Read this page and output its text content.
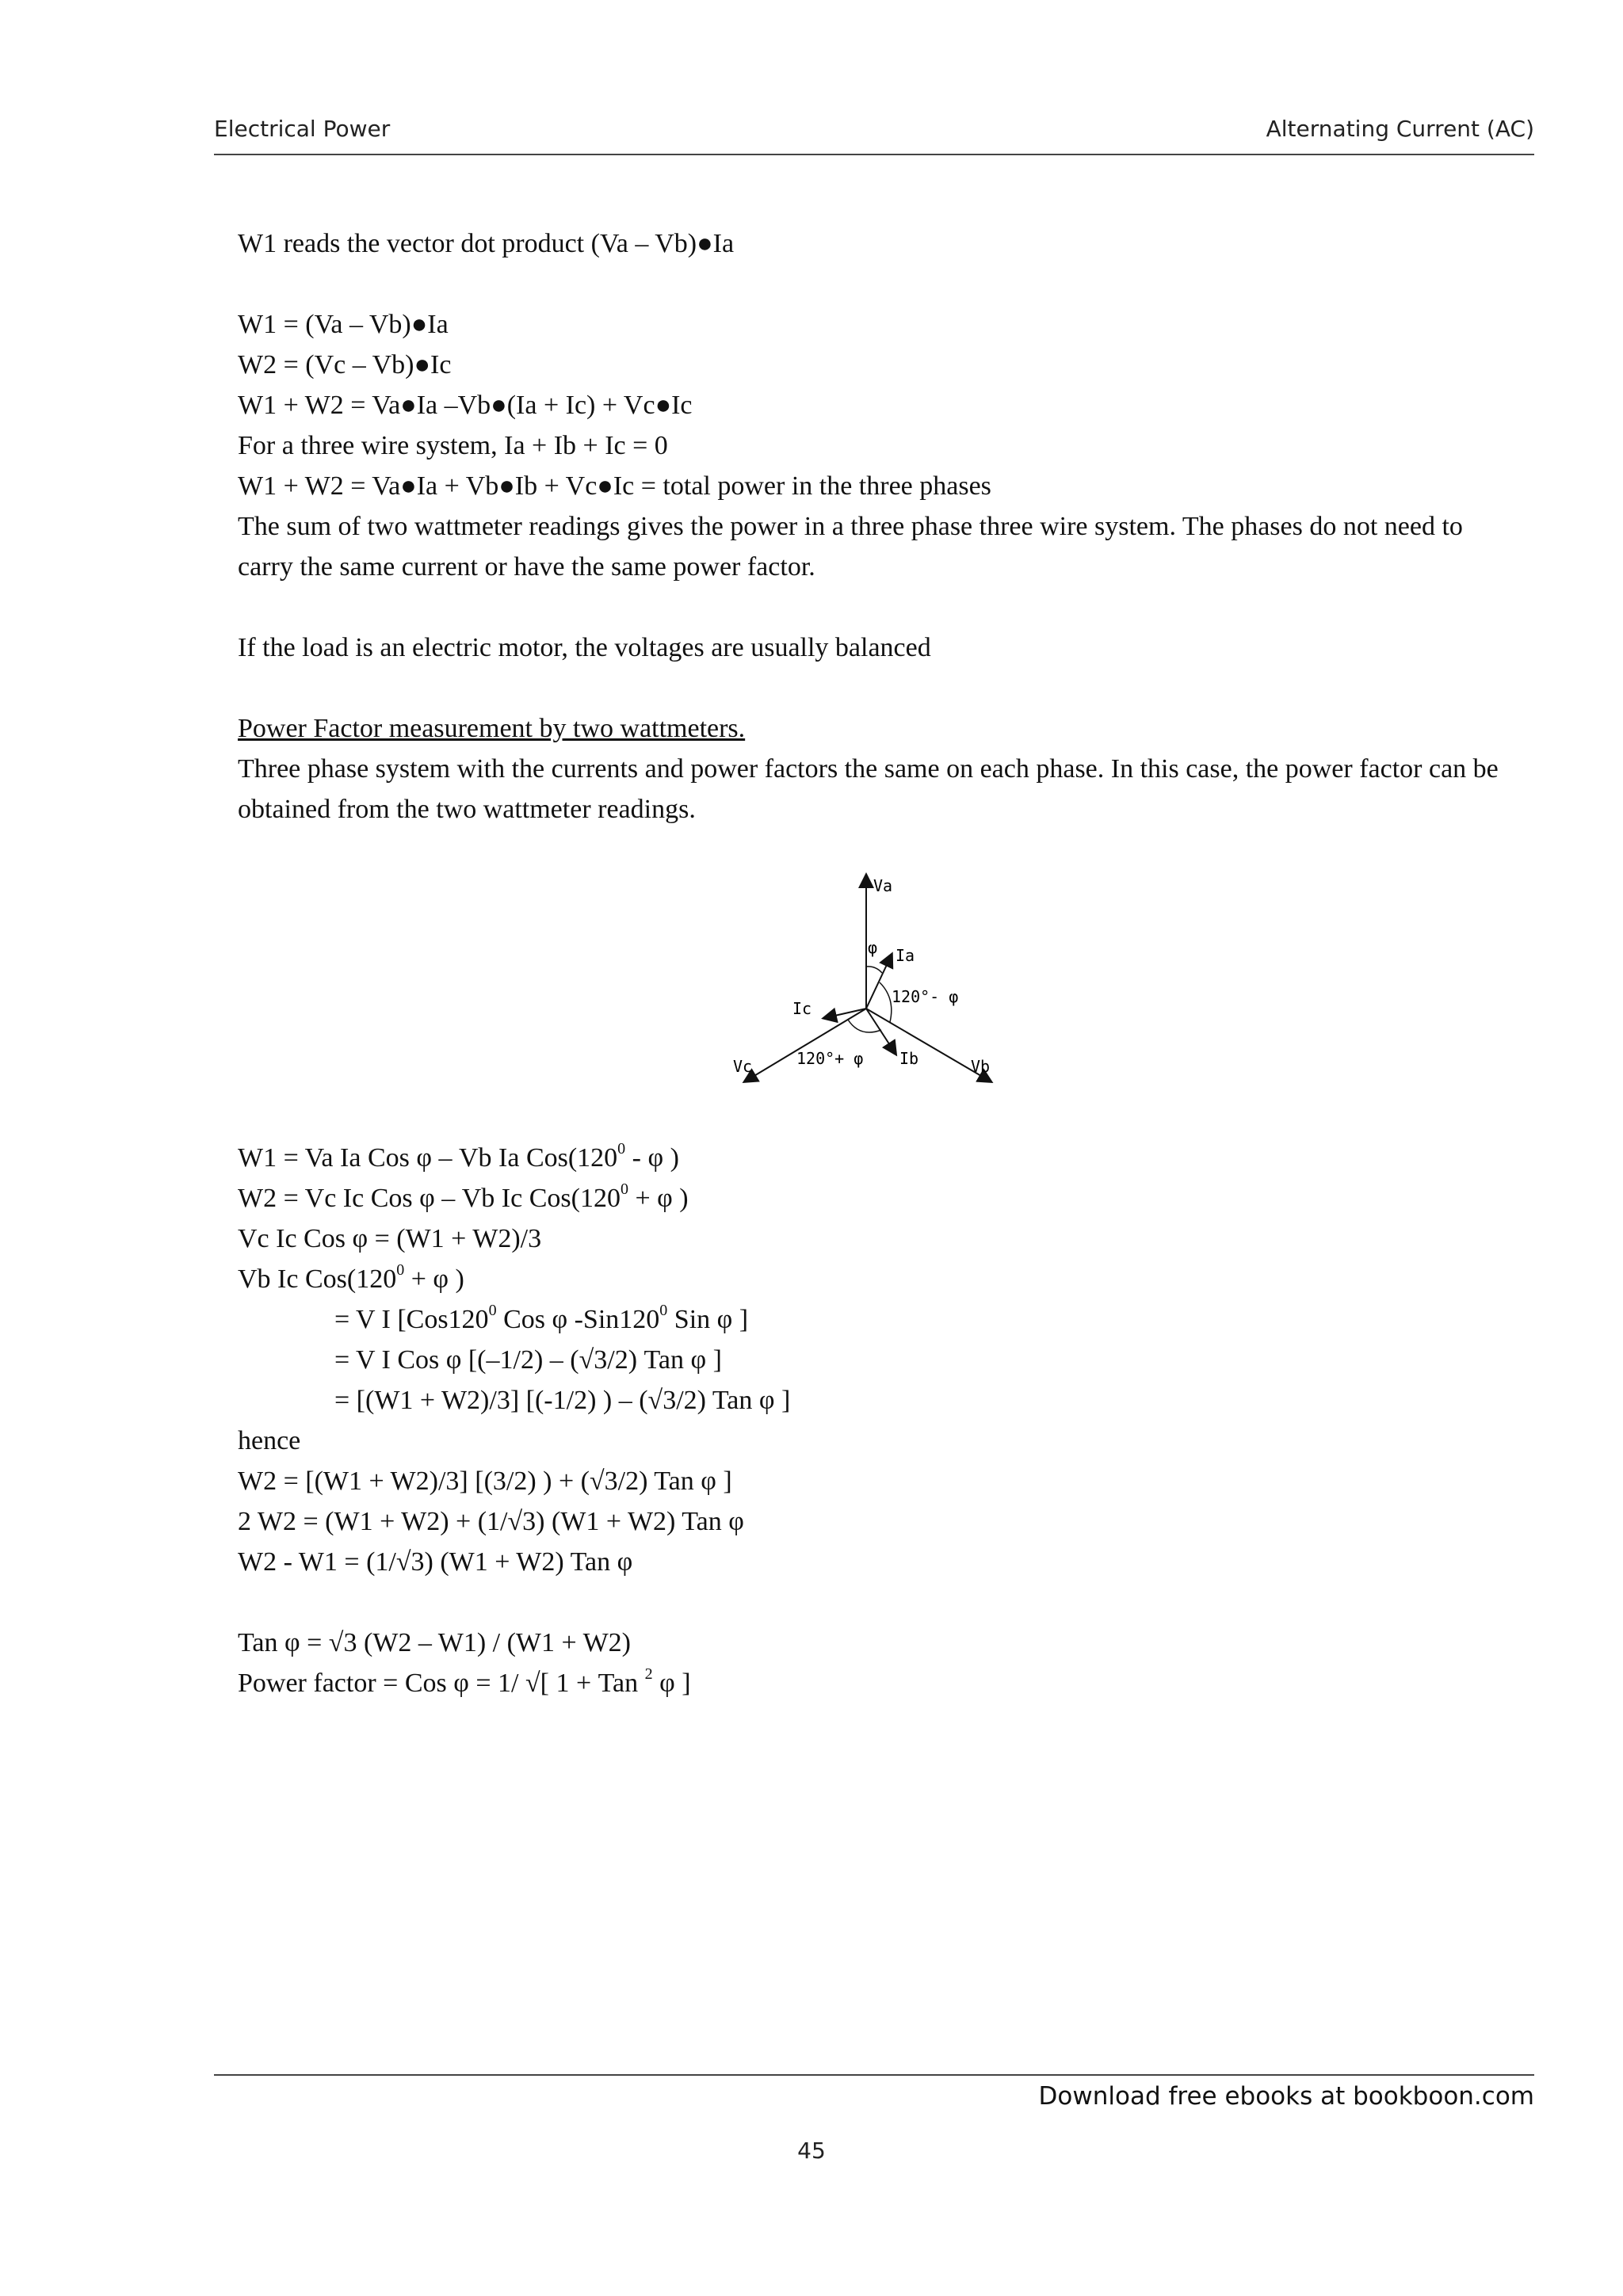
Electrical Power	Alternating Current (AC)
W1 reads the vector dot product (Va – Vb)●Ia
W1 = (Va – Vb)●Ia
W2 = (Vc – Vb)●Ic
W1 + W2 = Va●Ia –Vb●(Ia + Ic) + Vc●Ic
For a three wire system, Ia + Ib + Ic = 0
W1 + W2 = Va●Ia + Vb●Ib + Vc●Ic = total power in the three phases
The sum of two wattmeter readings gives the power in a three phase three wire system. The phases do not need to carry the same current or have the same power factor.
If the load is an electric motor, the voltages are usually balanced
Power Factor measurement by two wattmeters.
Three phase system with the currents and power factors the same on each phase. In this case, the power factor can be obtained from the two wattmeter readings.
Va
Vb
Vc
Ia
Ib
Ic
φ
120°- φ
120°+ φ
W1 = Va Ia Cos φ – Vb Ia $Cos(120^0$ - φ )
W2 = Vc Ic Cos φ – Vb Ic $Cos(120^0 + \varphi$ )
Vc Ic Cos φ = (W1 + W2)/3
Vb Ic $Cos(120^0 + \varphi$ )
= V I [$Cos120^0$ Cos φ $-Sin120^0$ Sin φ ]
= V I Cos φ [(–1/2) – (√3/2) Tan φ ]
= [(W1 + W2)/3] [(-1/2) ) – (√3/2) Tan φ ]
hence
W2 = [(W1 + W2)/3] [(3/2) ) + (√3/2) Tan φ ]
2 W2 = (W1 + W2) + (1/√3) (W1 + W2) Tan φ
W2 - W1 = (1/√3) (W1 + W2) Tan φ
Tan φ = √3 (W2 – W1) / (W1 + W2)
Power factor = Cos φ = 1/ √[ 1 + Tan $^2$ φ ]
Download free ebooks at bookboon.com
45
